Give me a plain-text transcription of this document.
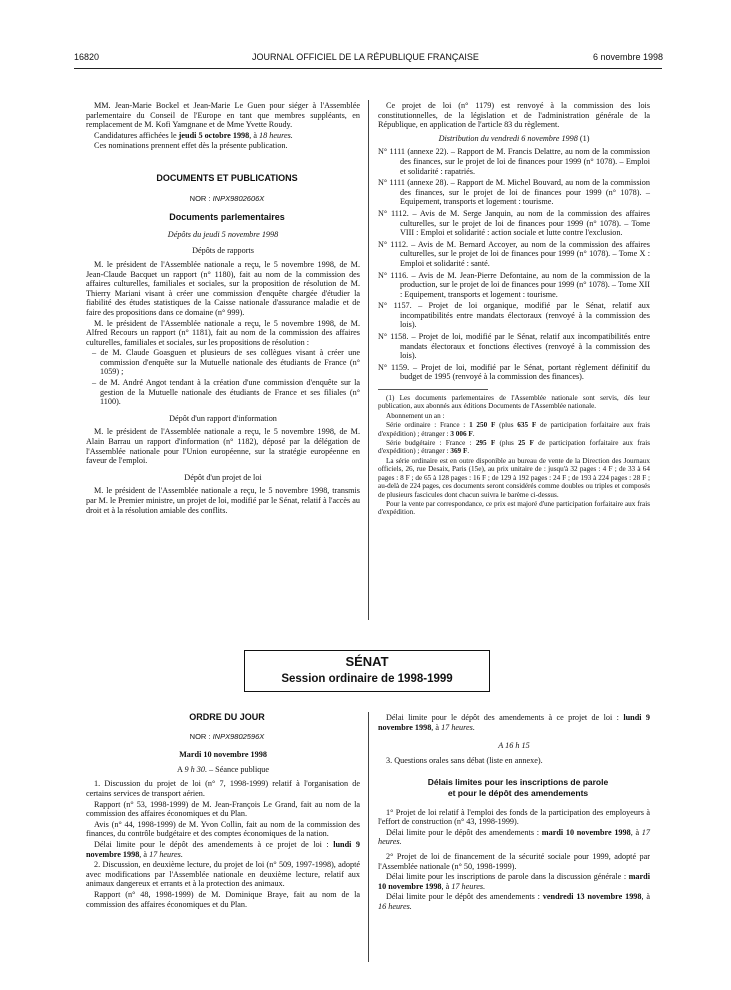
16820	JOURNAL OFFICIEL DE LA RÉPUBLIQUE FRANÇAISE	6 novembre 1998

MM. Jean-Marie Bockel et Jean-Marie Le Guen pour siéger à l'Assemblée parlementaire du Conseil de l'Europe en tant que membres suppléants, en remplacement de M. Kofi Yamgnane et de Mme Yvette Roudy.

Candidatures affichées le jeudi 5 octobre 1998, à 18 heures.

Ces nominations prennent effet dès la présente publication.

DOCUMENTS ET PUBLICATIONS

NOR : INPX9802606X

Documents parlementaires

Dépôts du jeudi 5 novembre 1998

Dépôts de rapports

M. le président de l'Assemblée nationale a reçu, le 5 novembre 1998, de M. Jean-Claude Bacquet un rapport (n° 1180), fait au nom de la commission des affaires culturelles, familiales et sociales, sur la proposition de résolution de M. Thierry Mariani visant à créer une commission d'enquête chargée d'étudier la fiabilité des études statistiques de la Caisse nationale d'assurance maladie et de faire des propositions dans ce domaine (n° 999).

M. le président de l'Assemblée nationale a reçu, le 5 novembre 1998, de M. Alfred Recours un rapport (n° 1181), fait au nom de la commission des affaires culturelles, familiales et sociales, sur les propositions de résolution :

– de M. Claude Goasguen et plusieurs de ses collègues visant à créer une commission d'enquête sur la Mutuelle nationale des étudiants de France (n° 1059) ;

– de M. André Angot tendant à la création d'une commission d'enquête sur la gestion de la Mutuelle nationale des étudiants de France et ses filiales (n° 1100).

Dépôt d'un rapport d'information

M. le président de l'Assemblée nationale a reçu, le 5 novembre 1998, de M. Alain Barrau un rapport d'information (n° 1182), déposé par la délégation de l'Assemblée nationale pour l'Union européenne, sur la stratégie européenne en faveur de l'emploi.

Dépôt d'un projet de loi

M. le président de l'Assemblée nationale a reçu, le 5 novembre 1998, transmis par M. le Premier ministre, un projet de loi, modifié par le Sénat, relatif à l'accès au droit et à la résolution amiable des conflits.

Ce projet de loi (n° 1179) est renvoyé à la commission des lois constitutionnelles, de la législation et de l'administration générale de la République, en application de l'article 83 du règlement.

Distribution du vendredi 6 novembre 1998 (1)

N° 1111 (annexe 22). – Rapport de M. Francis Delattre, au nom de la commission des finances, sur le projet de loi de finances pour 1999 (n° 1078). – Emploi et solidarité : rapatriés.

N° 1111 (annexe 28). – Rapport de M. Michel Bouvard, au nom de la commission des finances, sur le projet de loi de finances pour 1999 (n° 1078). – Equipement, transports et logement : tourisme.

N° 1112. – Avis de M. Serge Janquin, au nom de la commission des affaires culturelles, sur le projet de loi de finances pour 1999 (n° 1078). – Tome VIII : Emploi et solidarité : action sociale et lutte contre l'exclusion.

N° 1112. – Avis de M. Bernard Accoyer, au nom de la commission des affaires culturelles, sur le projet de loi de finances pour 1999 (n° 1078). – Tome X : Emploi et solidarité : santé.

N° 1116. – Avis de M. Jean-Pierre Defontaine, au nom de la commission de la production, sur le projet de loi de finances pour 1999 (n° 1078). – Tome XII : Equipement, transports et logement : tourisme.

N° 1157. – Projet de loi organique, modifié par le Sénat, relatif aux incompatibilités entre mandats électoraux (renvoyé à la commission des lois).

N° 1158. – Projet de loi, modifié par le Sénat, relatif aux incompatibilités entre mandats électoraux et fonctions électives (renvoyé à la commission des lois).

N° 1159. – Projet de loi, modifié par le Sénat, portant règlement définitif du budget de 1995 (renvoyé à la commission des finances).

(1) Les documents parlementaires de l'Assemblée nationale sont servis, dès leur publication, aux abonnés aux éditions Documents de l'Assemblée nationale.

Abonnement un an :

Série ordinaire : France : 1 250 F (plus 635 F de participation forfaitaire aux frais d'expédition) ; étranger : 3 006 F.

Série budgétaire : France : 295 F (plus 25 F de participation forfaitaire aux frais d'expédition) ; étranger : 369 F.

La série ordinaire est en outre disponible au bureau de vente de la Direction des Journaux officiels, 26, rue Desaix, Paris (15e), au prix unitaire de : jusqu'à 32 pages : 4 F ; de 33 à 64 pages : 8 F ; de 65 à 128 pages : 16 F ; de 129 à 192 pages : 24 F ; de 193 à 224 pages : 28 F ; au-delà de 224 pages, ces documents seront considérés comme doubles ou triples et composés de plusieurs fascicules dont chacun suivra le barème ci-dessus.

Pour la vente par correspondance, ce prix est majoré d'une participation forfaitaire aux frais d'expédition.

SÉNAT
Session ordinaire de 1998-1999

ORDRE DU JOUR

NOR : INPX9802596X

Mardi 10 novembre 1998

A 9 h 30. – Séance publique

1. Discussion du projet de loi (n° 7, 1998-1999) relatif à l'organisation de certains services de transport aérien.

Rapport (n° 53, 1998-1999) de M. Jean-François Le Grand, fait au nom de la commission des affaires économiques et du Plan.

Avis (n° 44, 1998-1999) de M. Yvon Collin, fait au nom de la commission des finances, du contrôle budgétaire et des comptes économiques de la nation.

Délai limite pour le dépôt des amendements à ce projet de loi : lundi 9 novembre 1998, à 17 heures.

2. Discussion, en deuxième lecture, du projet de loi (n° 509, 1997-1998), adopté avec modifications par l'Assemblée nationale en deuxième lecture, relatif aux animaux dangereux et errants et à la protection des animaux.

Rapport (n° 48, 1998-1999) de M. Dominique Braye, fait au nom de la commission des affaires économiques et du Plan.

Délai limite pour le dépôt des amendements à ce projet de loi : lundi 9 novembre 1998, à 17 heures.

A 16 h 15

3. Questions orales sans débat (liste en annexe).

Délais limites pour les inscriptions de parole

et pour le dépôt des amendements

1° Projet de loi relatif à l'emploi des fonds de la participation des employeurs à l'effort de construction (n° 43, 1998-1999).

Délai limite pour le dépôt des amendements : mardi 10 novembre 1998, à 17 heures.

2° Projet de loi de financement de la sécurité sociale pour 1999, adopté par l'Assemblée nationale (n° 50, 1998-1999).

Délai limite pour les inscriptions de parole dans la discussion générale : mardi 10 novembre 1998, à 17 heures.

Délai limite pour le dépôt des amendements : vendredi 13 novembre 1998, à 16 heures.
